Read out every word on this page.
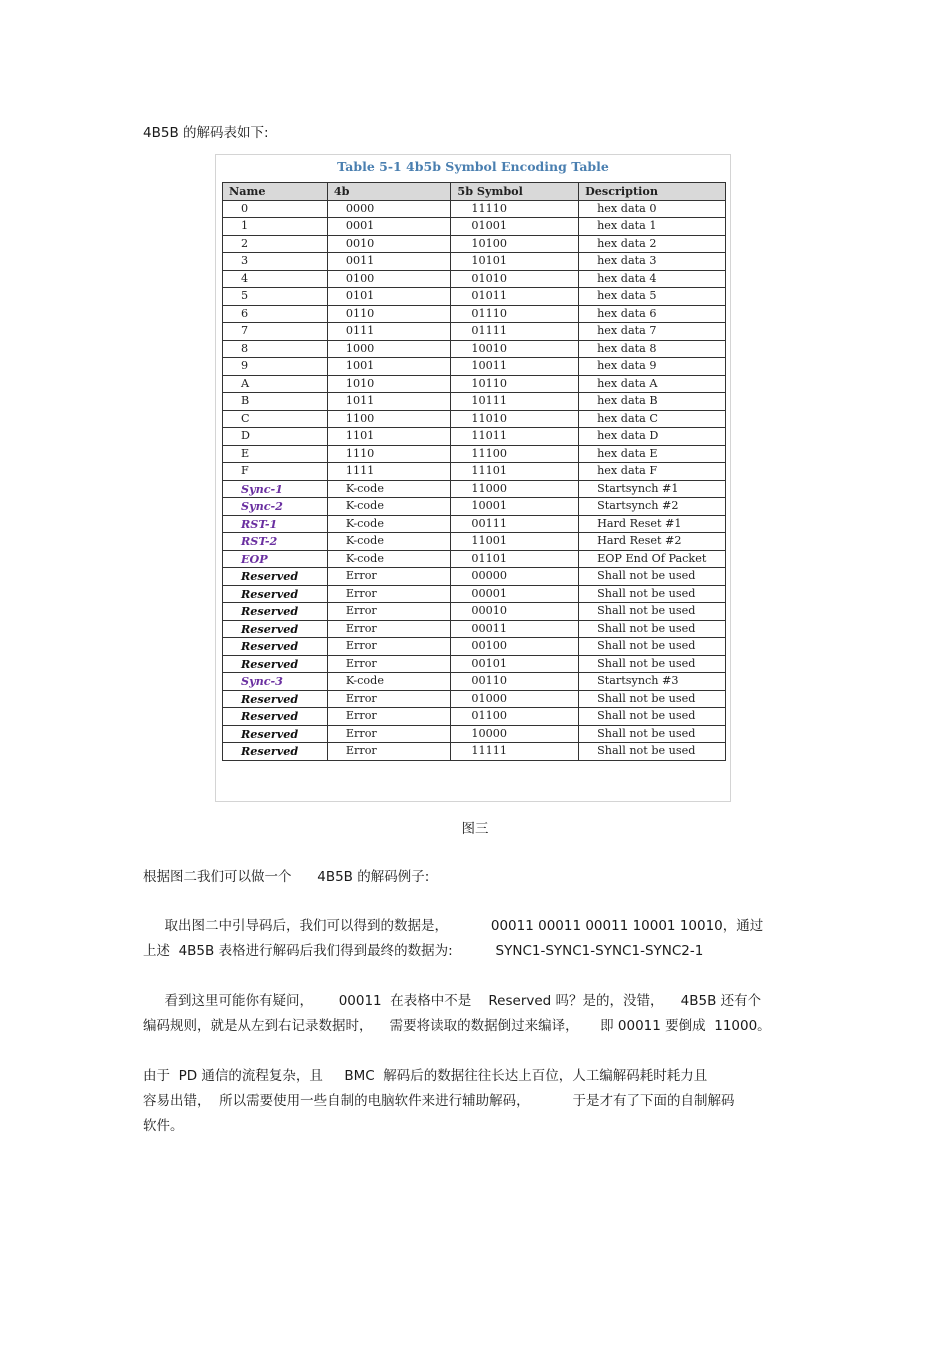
4B5B 的解码表如下:
Table 5-1 4b5b Symbol Encoding Table
Name	4b	5b Symbol	Description
0	0000	11110	hex data 0
1	0001	01001	hex data 1
2	0010	10100	hex data 2
3	0011	10101	hex data 3
4	0100	01010	hex data 4
5	0101	01011	hex data 5
6	0110	01110	hex data 6
7	0111	01111	hex data 7
8	1000	10010	hex data 8
9	1001	10011	hex data 9
A	1010	10110	hex data A
B	1011	10111	hex data B
C	1100	11010	hex data C
D	1101	11011	hex data D
E	1110	11100	hex data E
F	1111	11101	hex data F
Sync-1	K-code	11000	Startsynch #1
Sync-2	K-code	10001	Startsynch #2
RST-1	K-code	00111	Hard Reset #1
RST-2	K-code	11001	Hard Reset #2
EOP	K-code	01101	EOP End Of Packet
Reserved	Error	00000	Shall not be used
Reserved	Error	00001	Shall not be used
Reserved	Error	00010	Shall not be used
Reserved	Error	00011	Shall not be used
Reserved	Error	00100	Shall not be used
Reserved	Error	00101	Shall not be used
Sync-3	K-code	00110	Startsynch #3
Reserved	Error	01000	Shall not be used
Reserved	Error	01100	Shall not be used
Reserved	Error	10000	Shall not be used
Reserved	Error	11111	Shall not be used
图三
根据图二我们可以做一个      4B5B 的解码例子:
取出图二中引导码后，我们可以得到的数据是，          00011 00011 00011 10001 10010，通过
上述  4B5B 表格进行解码后我们得到最终的数据为:          SYNC1-SYNC1-SYNC1-SYNC2-1
看到这里可能你有疑问，      00011  在表格中不是    Reserved 吗？是的，没错，    4B5B 还有个
编码规则，就是从左到右记录数据时，    需要将读取的数据倒过来编译，     即 00011 要倒成  11000。
由于  PD 通信的流程复杂，且     BMC  解码后的数据往往长达上百位，人工编解码耗时耗力且
容易出错，  所以需要使用一些自制的电脑软件来进行辅助解码，          于是才有了下面的自制解码
软件。
